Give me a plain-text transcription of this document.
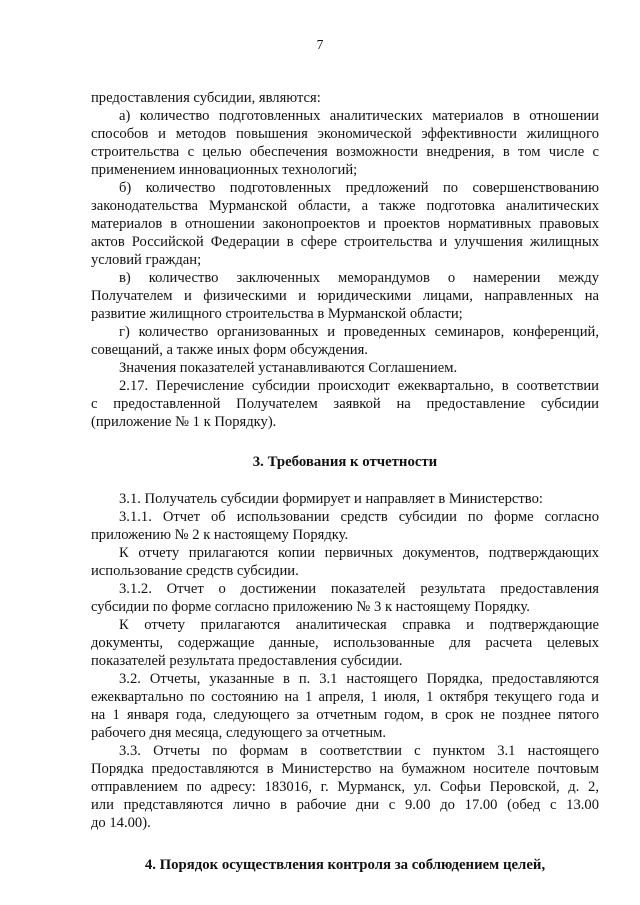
7
предоставления субсидии, являются:
а) количество подготовленных аналитических материалов в отношении
способов и методов повышения экономической эффективности жилищного
строительства с целью обеспечения возможности внедрения, в том числе с
применением инновационных технологий;
б) количество подготовленных предложений по совершенствованию
законодательства Мурманской области, а также подготовка аналитических
материалов в отношении законопроектов и проектов нормативных правовых
актов Российской Федерации в сфере строительства и улучшения жилищных
условий граждан;
в) количество заключенных меморандумов о намерении между
Получателем и физическими и юридическими лицами, направленных на
развитие жилищного строительства в Мурманской области;
г) количество организованных и проведенных семинаров, конференций,
совещаний, а также иных форм обсуждения.
Значения показателей устанавливаются Соглашением.
2.17. Перечисление субсидии происходит ежеквартально, в соответствии
с предоставленной Получателем заявкой на предоставление субсидии
(приложение № 1 к Порядку).
3. Требования к отчетности
3.1. Получатель субсидии формирует и направляет в Министерство:
3.1.1. Отчет об использовании средств субсидии по форме согласно
приложению № 2 к настоящему Порядку.
К отчету прилагаются копии первичных документов, подтверждающих
использование средств субсидии.
3.1.2. Отчет о достижении показателей результата предоставления
субсидии по форме согласно приложению № 3 к настоящему Порядку.
К отчету прилагаются аналитическая справка и подтверждающие
документы, содержащие данные, использованные для расчета целевых
показателей результата предоставления субсидии.
3.2. Отчеты, указанные в п. 3.1 настоящего Порядка, предоставляются
ежеквартально по состоянию на 1 апреля, 1 июля, 1 октября текущего года и
на 1 января года, следующего за отчетным годом, в срок не позднее пятого
рабочего дня месяца, следующего за отчетным.
3.3. Отчеты по формам в соответствии с пунктом 3.1 настоящего
Порядка предоставляются в Министерство на бумажном носителе почтовым
отправлением по адресу: 183016, г. Мурманск, ул. Софьи Перовской, д. 2,
или представляются лично в рабочие дни с 9.00 до 17.00 (обед с 13.00
до 14.00).
4. Порядок осуществления контроля за соблюдением целей,
